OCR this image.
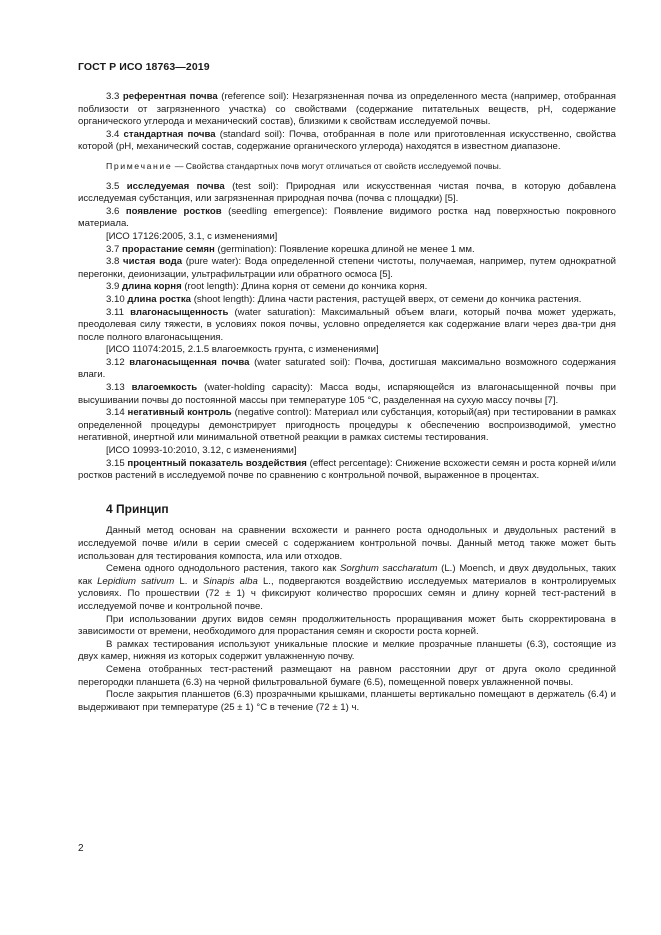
ГОСТ Р ИСО 18763—2019

3.3 референтная почва (reference soil): Незагрязненная почва из определенного места (например, отобранная поблизости от загрязненного участка) со свойствами (содержание питательных веществ, pH, содержание органического углерода и механический состав), близкими к свойствам исследуемой почвы.

3.4 стандартная почва (standard soil): Почва, отобранная в поле или приготовленная искусственно, свойства которой (pH, механический состав, содержание органического углерода) находятся в известном диапазоне.

Примечание — Свойства стандартных почв могут отличаться от свойств исследуемой почвы.

3.5 исследуемая почва (test soil): Природная или искусственная чистая почва, в которую добавлена исследуемая субстанция, или загрязненная природная почва (почва с площадки) [5].

3.6 появление ростков (seedling emergence): Появление видимого ростка над поверхностью покровного материала.

[ИСО 17126:2005, 3.1, с изменениями]

3.7 прорастание семян (germination): Появление корешка длиной не менее 1 мм.

3.8 чистая вода (pure water): Вода определенной степени чистоты, получаемая, например, путем однократной перегонки, деионизации, ультрафильтрации или обратного осмоса [5].

3.9 длина корня (root length): Длина корня от семени до кончика корня.

3.10 длина ростка (shoot length): Длина части растения, растущей вверх, от семени до кончика растения.

3.11 влагонасыщенность (water saturation): Максимальный объем влаги, который почва может удержать, преодолевая силу тяжести, в условиях покоя почвы, условно определяется как содержание влаги через два-три дня после полного влагонасыщения.

[ИСО 11074:2015, 2.1.5 влагоемкость грунта, с изменениями]

3.12 влагонасыщенная почва (water saturated soil): Почва, достигшая максимально возможного содержания влаги.

3.13 влагоемкость (water-holding capacity): Масса воды, испаряющейся из влагонасыщенной почвы при высушивании почвы до постоянной массы при температуре 105 °С, разделенная на сухую массу почвы [7].

3.14 негативный контроль (negative control): Материал или субстанция, который(ая) при тестировании в рамках определенной процедуры демонстрирует пригодность процедуры к обеспечению воспроизводимой, уместно негативной, инертной или минимальной ответной реакции в рамках системы тестирования.

[ИСО 10993-10:2010, 3.12, с изменениями]

3.15 процентный показатель воздействия (effect percentage): Снижение всхожести семян и роста корней и/или ростков растений в исследуемой почве по сравнению с контрольной почвой, выраженное в процентах.

4 Принцип

Данный метод основан на сравнении всхожести и раннего роста однодольных и двудольных растений в исследуемой почве и/или в серии смесей с содержанием контрольной почвы. Данный метод также может быть использован для тестирования компоста, ила или отходов.

Семена одного однодольного растения, такого как Sorghum saccharatum (L.) Moench, и двух двудольных, таких как Lepidium sativum L. и Sinapis alba L., подвергаются воздействию исследуемых материалов в контролируемых условиях. По прошествии (72 ± 1) ч фиксируют количество проросших семян и длину корней тест-растений в исследуемой почве и контрольной почве.

При использовании других видов семян продолжительность проращивания может быть скорректирована в зависимости от времени, необходимого для прорастания семян и скорости роста корней.

В рамках тестирования используют уникальные плоские и мелкие прозрачные планшеты (6.3), состоящие из двух камер, нижняя из которых содержит увлажненную почву.

Семена отобранных тест-растений размещают на равном расстоянии друг от друга около срединной перегородки планшета (6.3) на черной фильтровальной бумаге (6.5), помещенной поверх увлажненной почвы.

После закрытия планшетов (6.3) прозрачными крышками, планшеты вертикально помещают в держатель (6.4) и выдерживают при температуре (25 ± 1) °С в течение (72 ± 1) ч.

2
